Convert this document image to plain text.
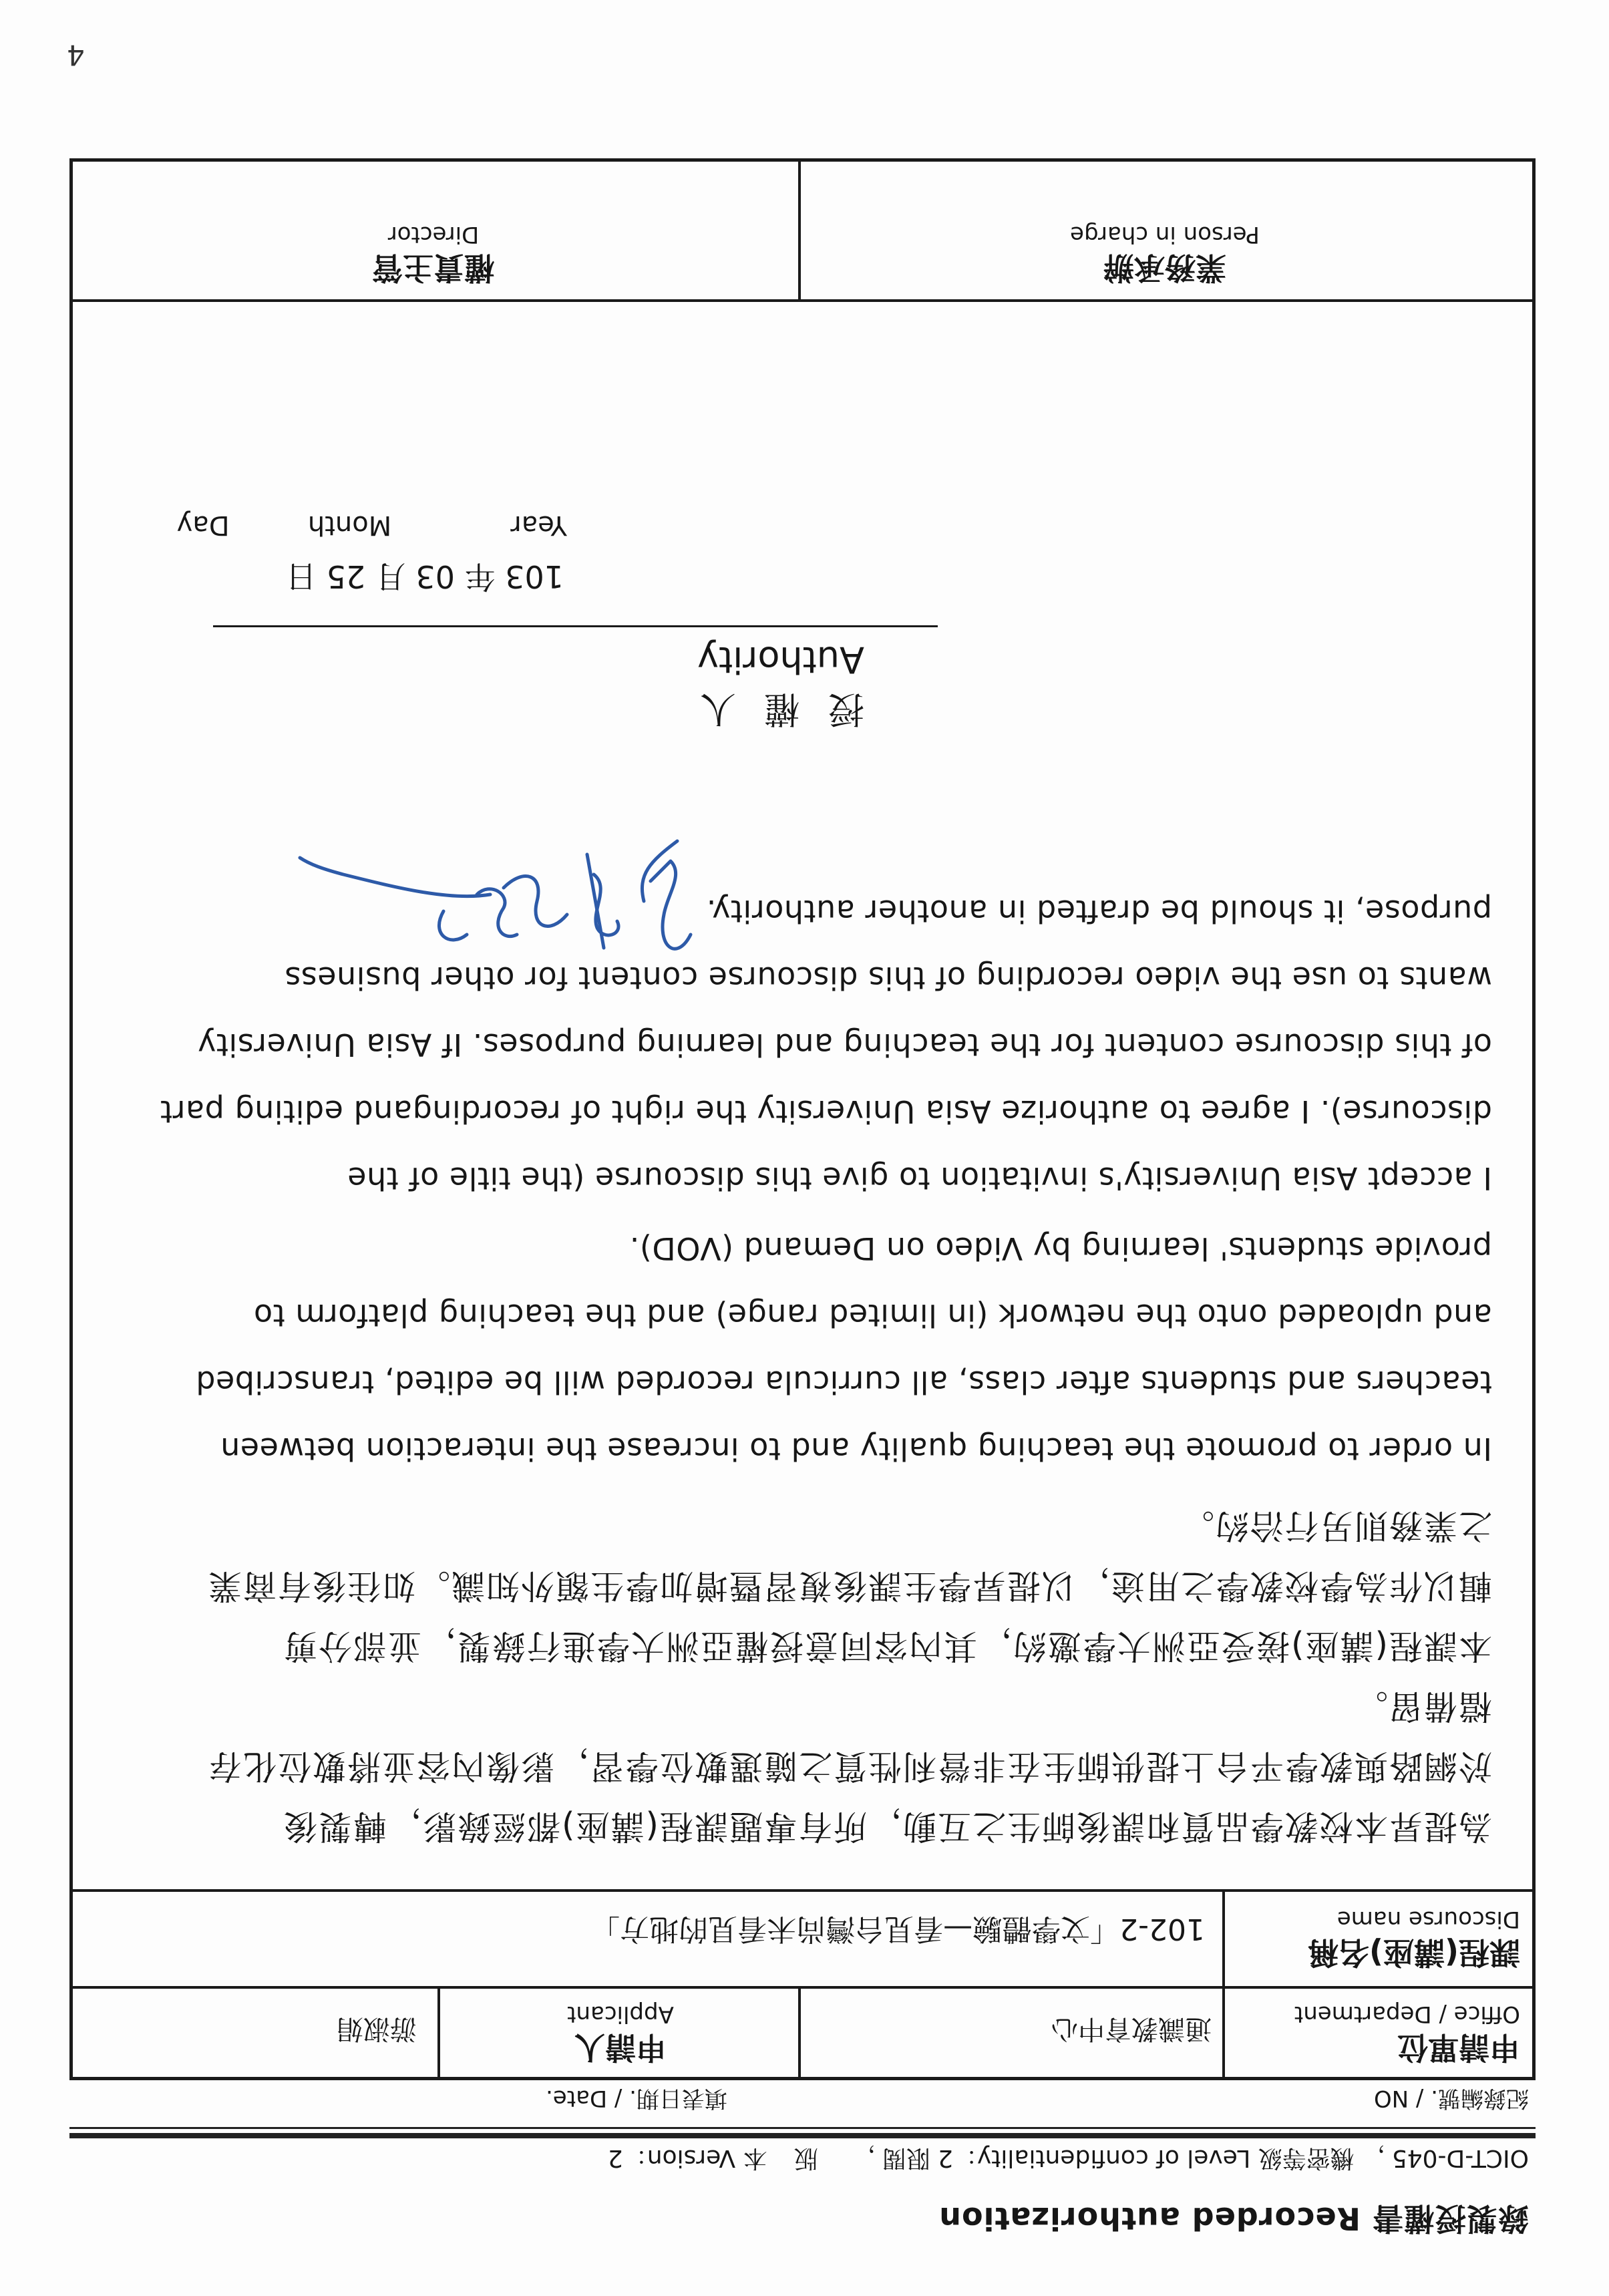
4
錄製授權書 Recorded authorization
OICT-D-045，機密等級 Level of confidentiality：2 限閱，版本 Version：2
紀錄編號. / NO
填表日期. / Date.
申請單位
Office / Department
通識教育中心
申請人
Applicant
游淑娟
課程(講座)名稱
Discourse name
102-2「文學體驗—看見台灣尚未看見的地方」
為提昇本校教學品質和課後師生之互動，所有專題課程(講座)都經錄影，轉製後
於網路與教學平台上提供師生在非營利性質之隨選數位學習，影像內容並將數位化存
檔備留。
本課程(講座)接受亞洲大學邀約，其內容同意授權亞洲大學進行錄製，並部分剪
輯以作為學校教學之用途，以提昇學生課後複習暨增加學生額外知識。如往後有商業
之業務則另行洽約。
In order to promote the teaching quality and to increase the interaction between
teachers and students after class, all curricula recorded will be edited, transcribed
and uploaded onto the network (in limited range) and the teaching platform to
provide students' learning by Video on Demand (VOD).
I accept Asia University's invitation to give this discourse (the title of the
discourse). I agree to authorize Asia University the right of recordingand editing part
of this discourse content for the teaching and learning purposes. If Asia University
wants to use the video recording of this discourse content for other business
purpose, it should be drafted in another authority.
授權人
Authority
103 年 03 月 25 日
Year Month Day
業務承辦
Person in charge
權責主管
Director
